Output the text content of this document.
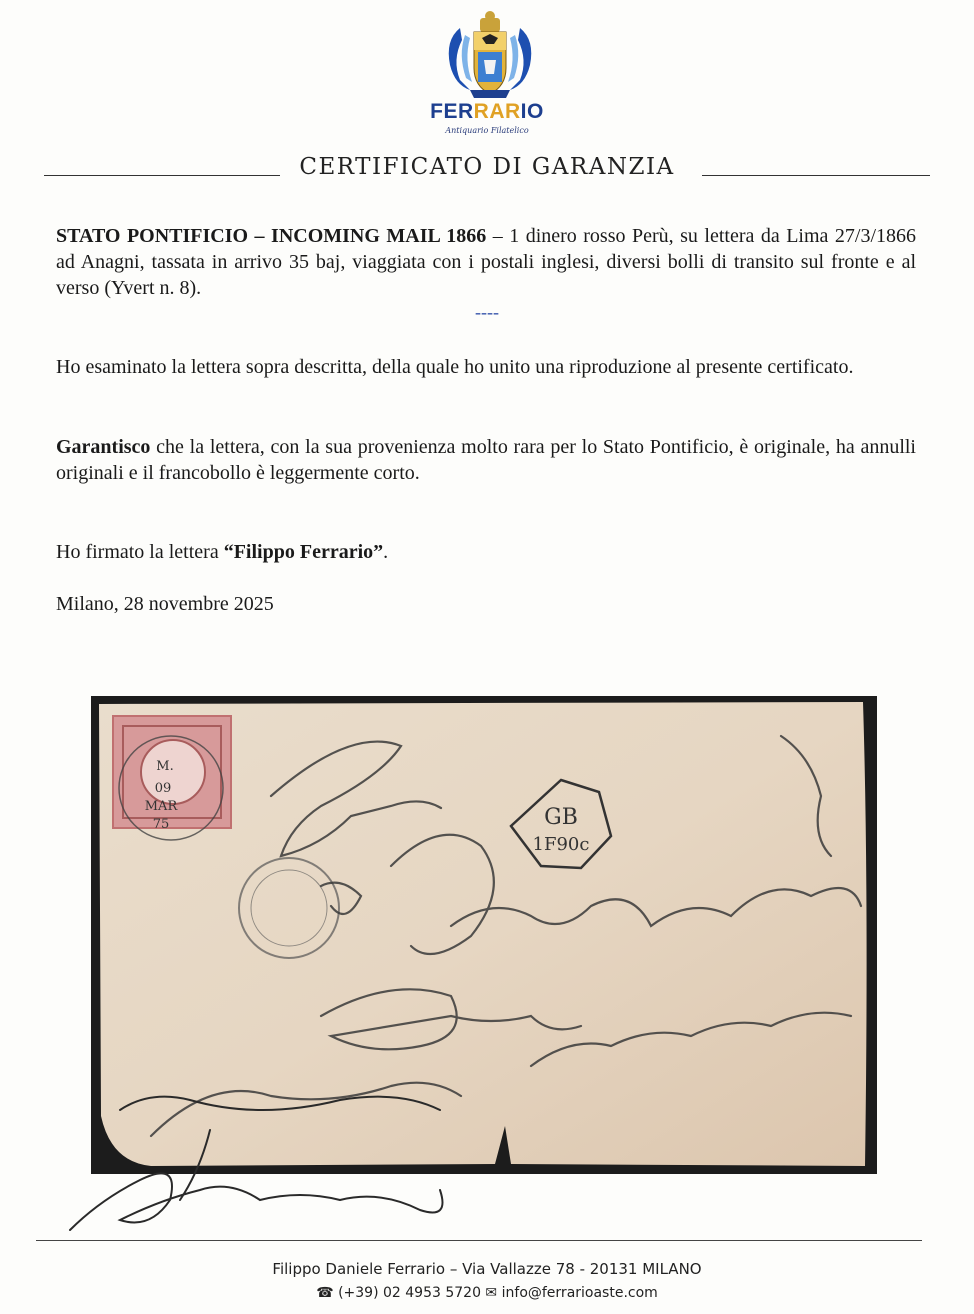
FERRARIO
Antiquario Filatelico
CERTIFICATO DI GARANZIA
STATO PONTIFICIO – INCOMING MAIL 1866 – 1 dinero rosso Perù, su lettera da Lima 27/3/1866 ad Anagni, tassata in arrivo 35 baj, viaggiata con i postali inglesi, diversi bolli di transito sul fronte e al verso (Yvert n. 8).
----
Ho esaminato la lettera sopra descritta, della quale ho unito una riproduzione al presente certificato.
Garantisco che la lettera, con la sua provenienza molto rara per lo Stato Pontificio, è originale, ha annulli originali e il francobollo è leggermente corto.
Ho firmato la lettera “Filippo Ferrario”.
Milano, 28 novembre 2025
M.
09
MAR
75	GB
1F90c
Filippo Daniele Ferrario – Via Vallazze 78 - 20131 MILANO
☎ (+39) 02 4953 5720 ✉ info@ferrarioaste.com
